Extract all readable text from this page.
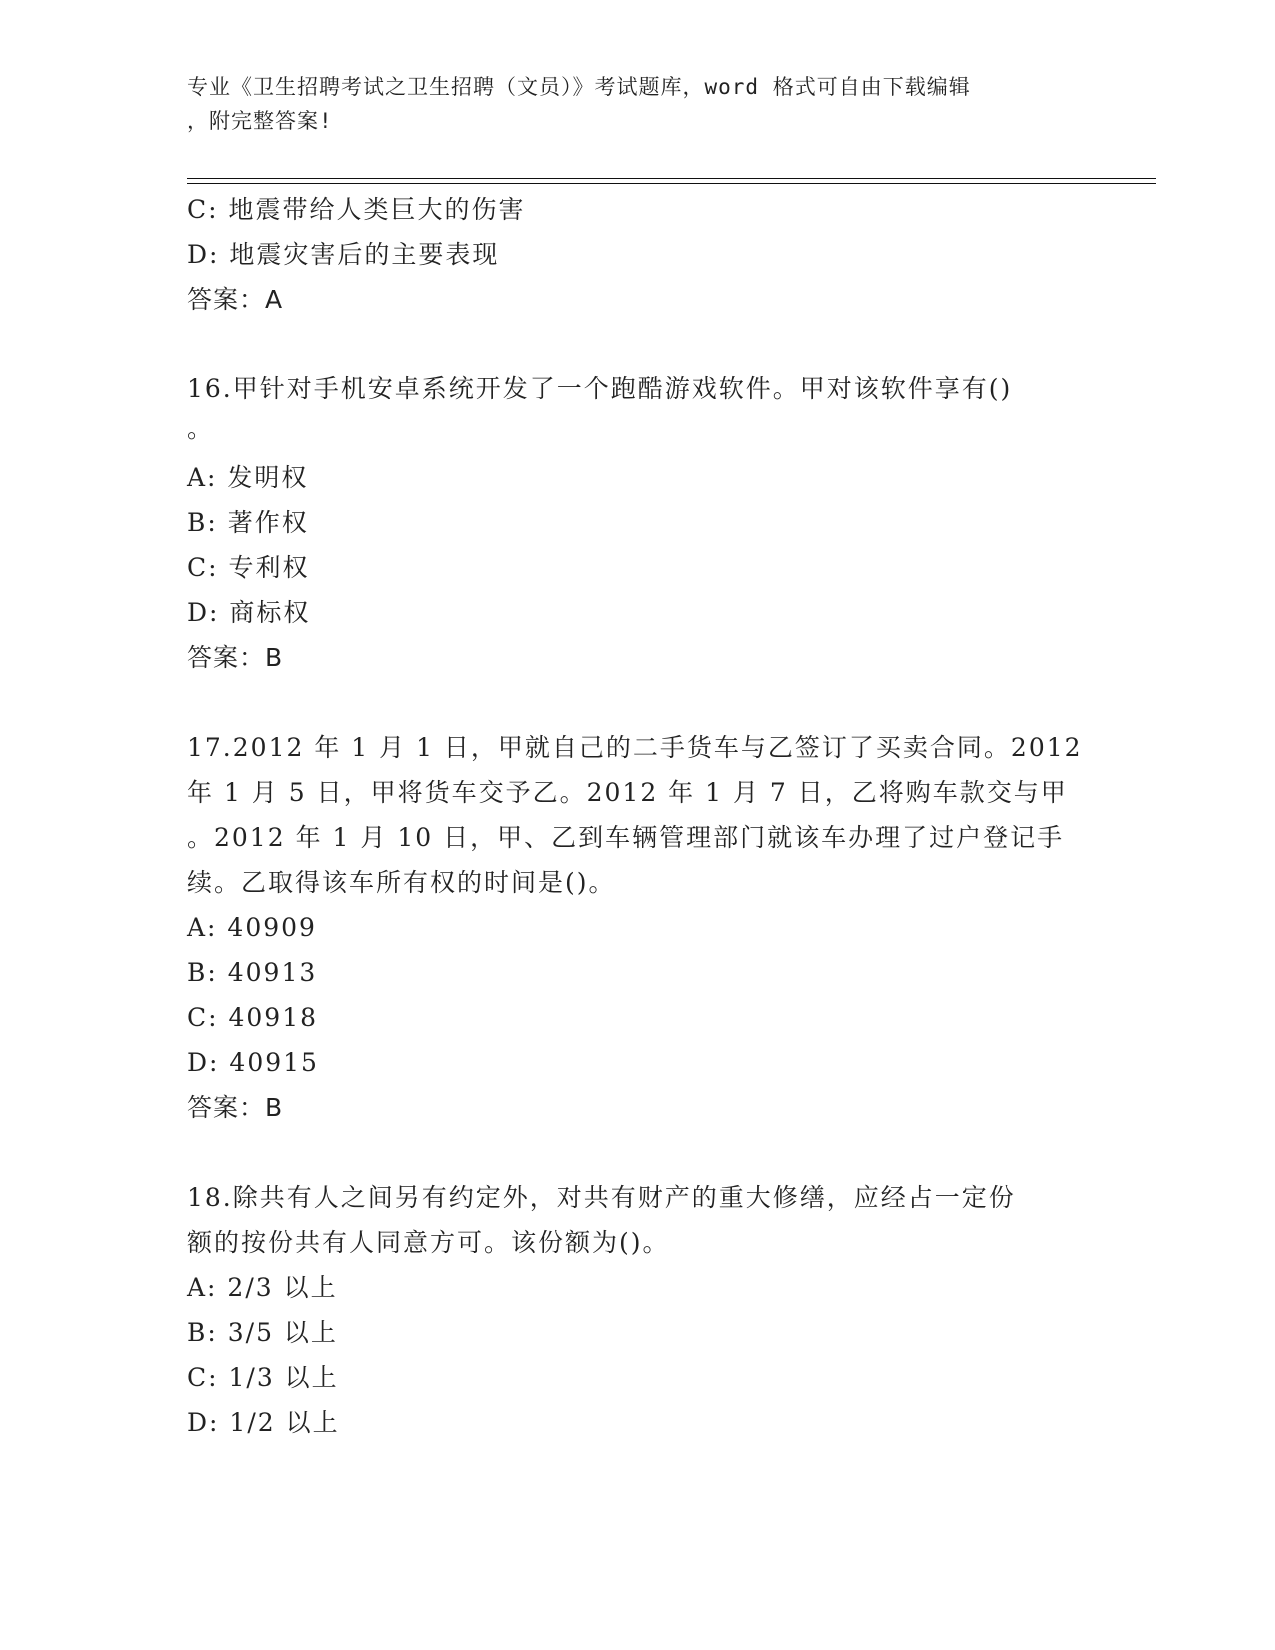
专业《卫生招聘考试之卫生招聘（文员）》考试题库，word 格式可自由下载编辑
，附完整答案!
C: 地震带给人类巨大的伤害
D: 地震灾害后的主要表现
答案：A
16.甲针对手机安卓系统开发了一个跑酷游戏软件。甲对该软件享有()
。
A: 发明权
B: 著作权
C: 专利权
D: 商标权
答案：B
17.2012 年 1 月 1 日，甲就自己的二手货车与乙签订了买卖合同。2012
年 1 月 5 日，甲将货车交予乙。2012 年 1 月 7 日，乙将购车款交与甲
。2012 年 1 月 10 日，甲、乙到车辆管理部门就该车办理了过户登记手
续。乙取得该车所有权的时间是()。
A: 40909
B: 40913
C: 40918
D: 40915
答案：B
18.除共有人之间另有约定外，对共有财产的重大修缮，应经占一定份
额的按份共有人同意方可。该份额为()。
A: 2/3 以上
B: 3/5 以上
C: 1/3 以上
D: 1/2 以上
